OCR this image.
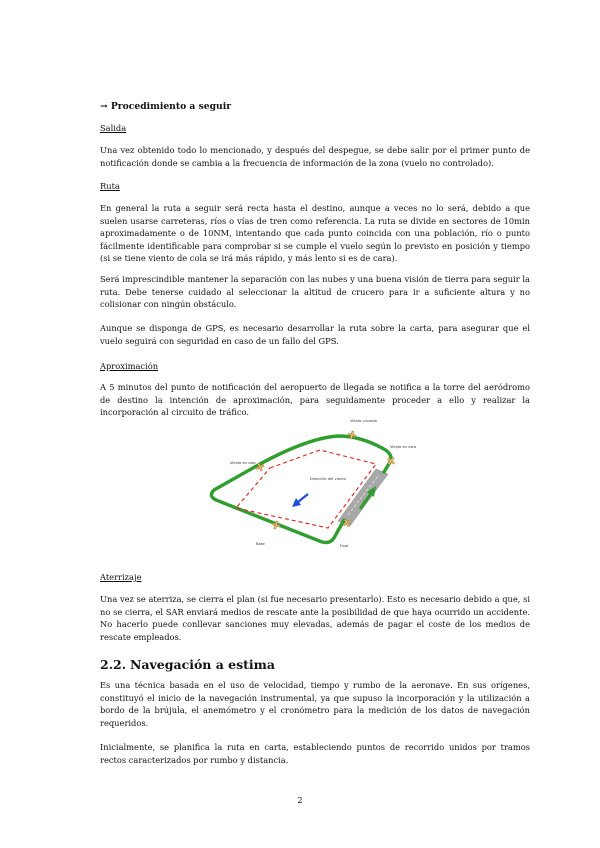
→ Procedimiento a seguir
Salida
Una vez obtenido todo lo mencionado, y después del despegue, se debe salir por el primer punto de notificación donde se cambia a la frecuencia de información de la zona (vuelo no controlado).
Ruta
En general la ruta a seguir será recta hasta el destino, aunque a veces no lo será, debido a que suelen usarse carreteras, ríos o vías de tren como referencia. La ruta se divide en sectores de 10min aproximadamente o de 10NM, intentando que cada punto coincida con una población, río o punto fácilmente identificable para comprobar si se cumple el vuelo según lo previsto en posición y tiempo (si se tiene viento de cola se irá más rápido, y más lento si es de cara).
Será imprescindible mantener la separación con las nubes y una buena visión de tierra para seguir la ruta. Debe tenerse cuidado al seleccionar la altitud de crucero para ir a suficiente altura y no colisionar con ningún obstáculo.
Aunque se disponga de GPS, es necesario desarrollar la ruta sobre la carta, para asegurar que el vuelo seguirá con seguridad en caso de un fallo del GPS.
Aproximación
A 5 minutos del punto de notificación del aeropuerto de llegada se notifica a la torre del aeródromo de destino la intención de aproximación, para seguidamente proceder a ello y realizar la incorporación al circuito de tráfico.
Viento cruzado
Viento en cola
Viento en cara
Dirección del viento
Base	Final
Aterrizaje
Una vez se aterriza, se cierra el plan (si fue necesario presentarlo). Esto es necesario debido a que, si no se cierra, el SAR enviará medios de rescate ante la posibilidad de que haya ocurrido un accidente. No hacerlo puede conllevar sanciones muy elevadas, además de pagar el coste de los medios de rescate empleados.
2.2. Navegación a estima
Es una técnica basada en el uso de velocidad, tiempo y rumbo de la aeronave. En sus orígenes, constituyó el inicio de la navegación instrumental, ya que supuso la incorporación y la utilización a bordo de la brújula, el anemómetro y el cronómetro para la medición de los datos de navegación requeridos.
Inicialmente, se planifica la ruta en carta, estableciendo puntos de recorrido unidos por tramos rectos caracterizados por rumbo y distancia.
2
